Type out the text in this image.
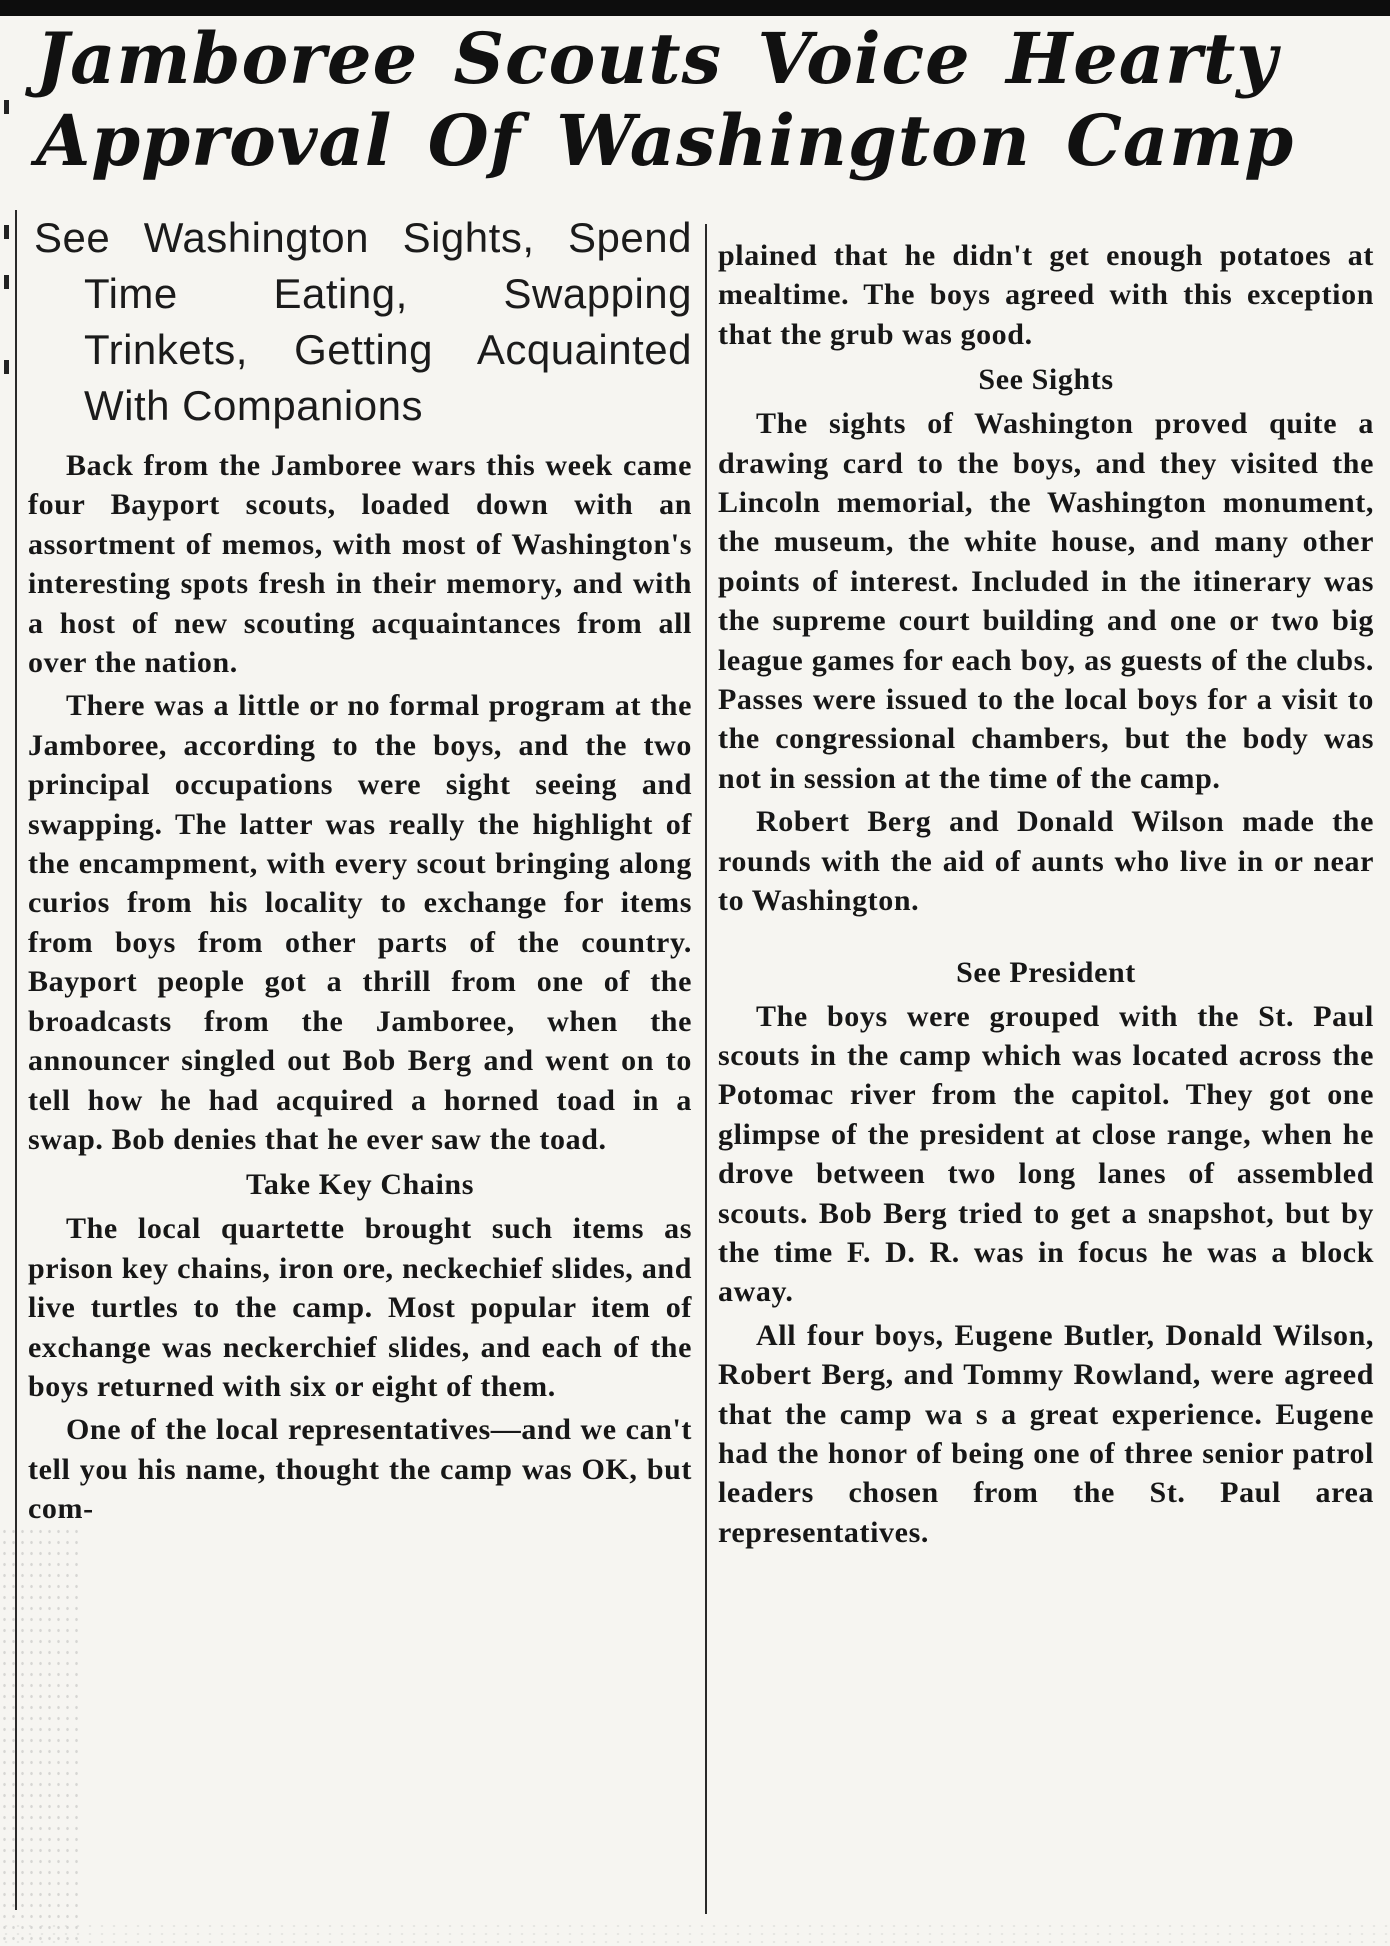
Jamboree Scouts Voice Hearty
Approval Of Washington Camp

See Washington Sights, Spend Time Eating, Swapping Trinkets, Getting Acquainted With Companions

Back from the Jamboree wars this week came four Bayport scouts, loaded down with an assortment of memos, with most of Washington's interesting spots fresh in their memory, and with a host of new scouting acquaintances from all over the nation.

There was a little or no formal program at the Jamboree, according to the boys, and the two principal occupations were sight seeing and swapping. The latter was really the highlight of the encampment, with every scout bringing along curios from his locality to exchange for items from boys from other parts of the country. Bayport people got a thrill from one of the broadcasts from the Jamboree, when the announcer singled out Bob Berg and went on to tell how he had acquired a horned toad in a swap. Bob denies that he ever saw the toad.

Take Key Chains

The local quartette brought such items as prison key chains, iron ore, neckechief slides, and live turtles to the camp. Most popular item of exchange was neckerchief slides, and each of the boys returned with six or eight of them.

One of the local representatives—and we can't tell you his name, thought the camp was OK, but com-

plained that he didn't get enough potatoes at mealtime. The boys agreed with this exception that the grub was good.

See Sights

The sights of Washington proved quite a drawing card to the boys, and they visited the Lincoln memorial, the Washington monument, the museum, the white house, and many other points of interest. Included in the itinerary was the supreme court building and one or two big league games for each boy, as guests of the clubs. Passes were issued to the local boys for a visit to the congressional chambers, but the body was not in session at the time of the camp.

Robert Berg and Donald Wilson made the rounds with the aid of aunts who live in or near to Washington.

See President

The boys were grouped with the St. Paul scouts in the camp which was located across the Potomac river from the capitol. They got one glimpse of the president at close range, when he drove between two long lanes of assembled scouts. Bob Berg tried to get a snapshot, but by the time F. D. R. was in focus he was a block away.

All four boys, Eugene Butler, Donald Wilson, Robert Berg, and Tommy Rowland, were agreed that the camp wa s a great experience. Eugene had the honor of being one of three senior patrol leaders chosen from the St. Paul area representatives.
